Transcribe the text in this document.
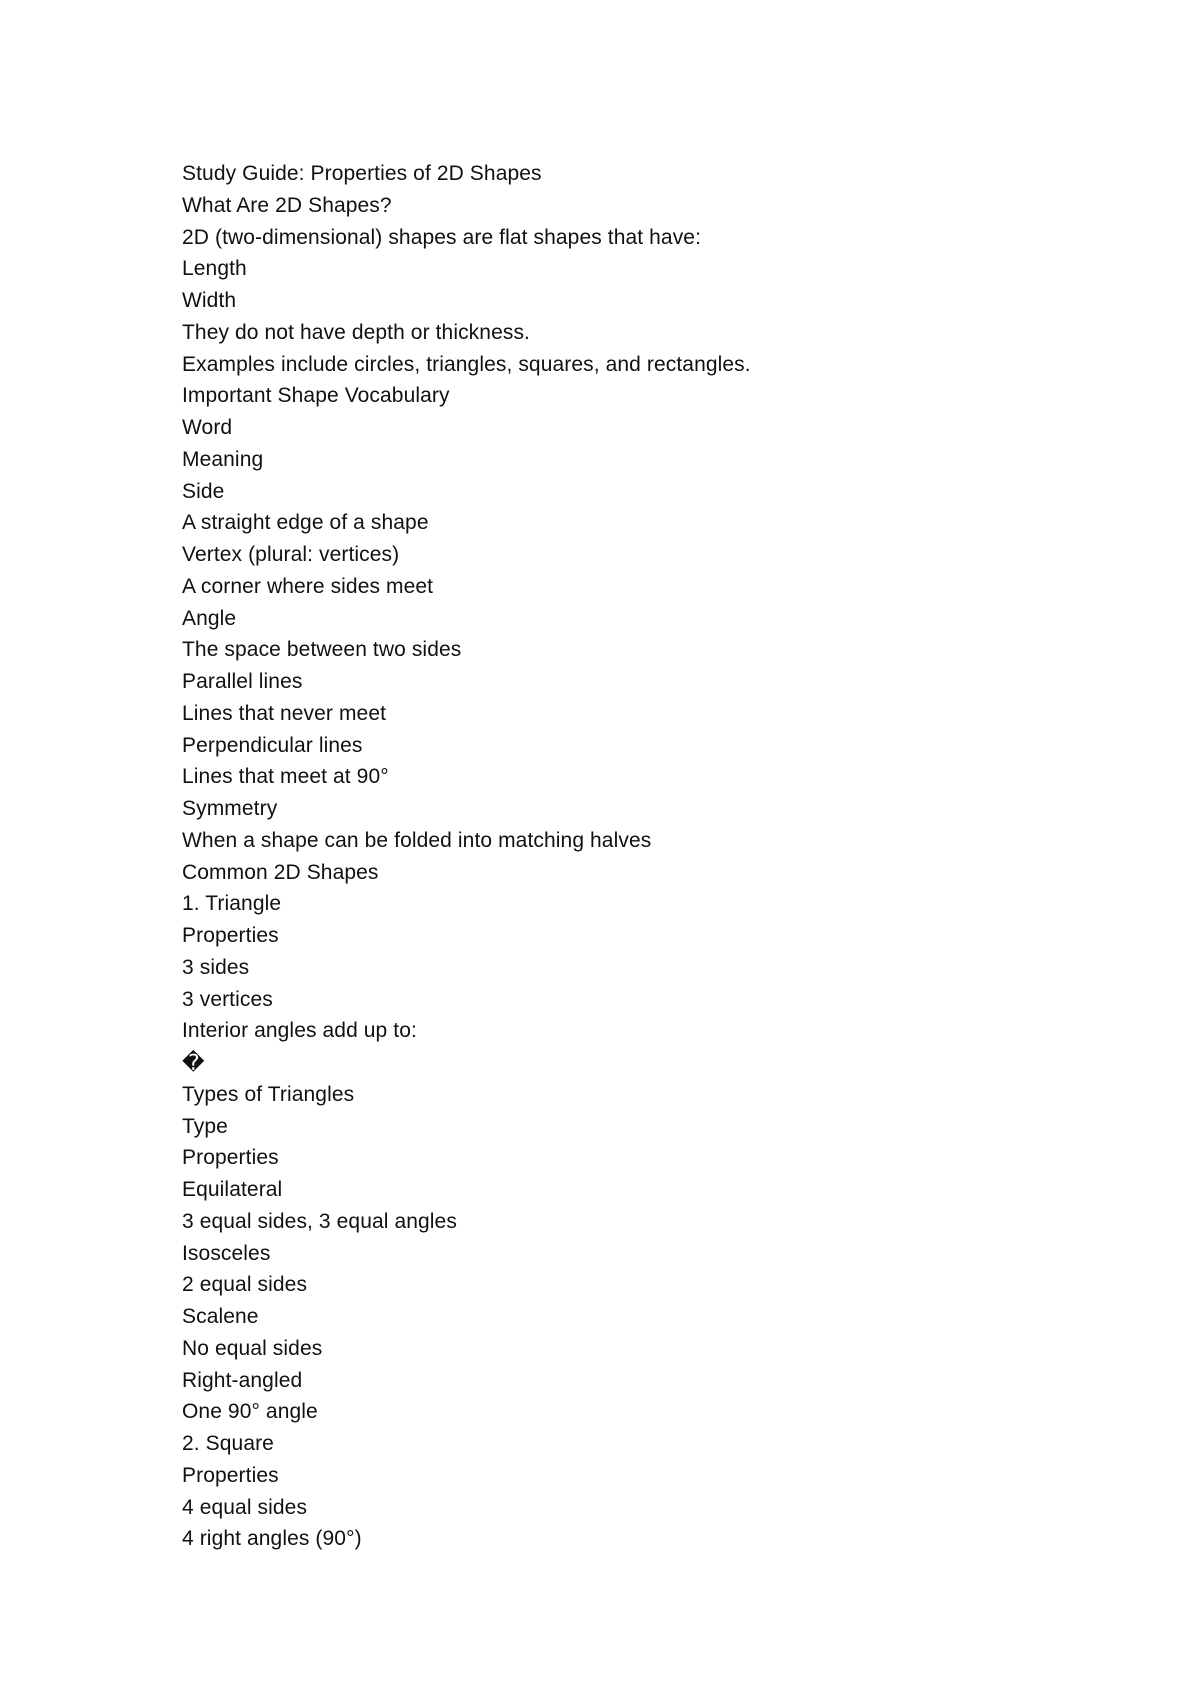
Study Guide: Properties of 2D Shapes
What Are 2D Shapes?
2D (two-dimensional) shapes are flat shapes that have:
Length
Width
They do not have depth or thickness.
Examples include circles, triangles, squares, and rectangles.
Important Shape Vocabulary
Word
Meaning
Side
A straight edge of a shape
Vertex (plural: vertices)
A corner where sides meet
Angle
The space between two sides
Parallel lines
Lines that never meet
Perpendicular lines
Lines that meet at 90°
Symmetry
When a shape can be folded into matching halves
Common 2D Shapes
1. Triangle
Properties
3 sides
3 vertices
Interior angles add up to:
�
Types of Triangles
Type
Properties
Equilateral
3 equal sides, 3 equal angles
Isosceles
2 equal sides
Scalene
No equal sides
Right-angled
One 90° angle
2. Square
Properties
4 equal sides
4 right angles (90°)
